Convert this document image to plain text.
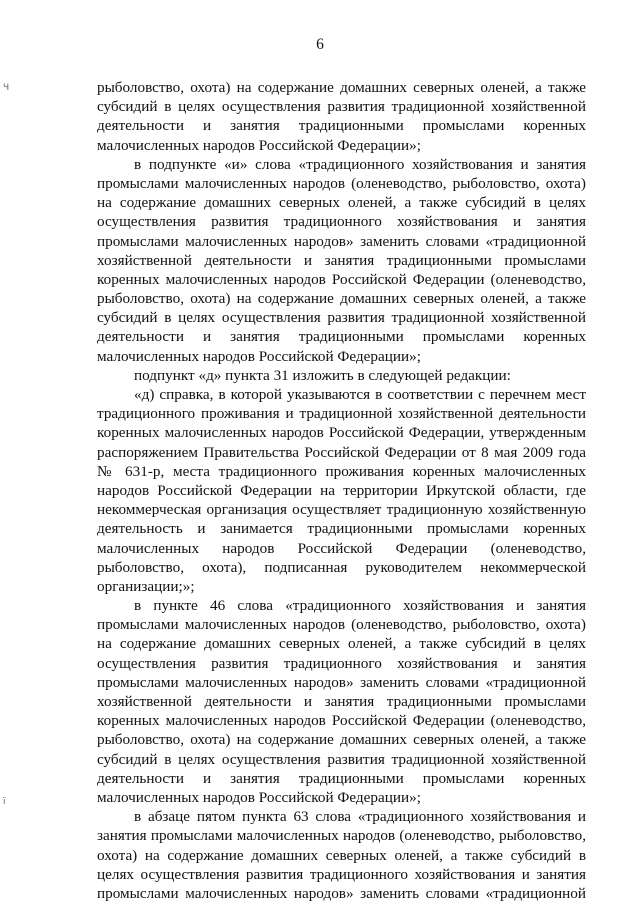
6
Ч
ї
рыболовство, охота) на содержание домашних северных оленей, а также
субсидий в целях осуществления развития традиционной хозяйственной
деятельности и занятия традиционными промыслами коренных
малочисленных народов Российской Федерации»;
в подпункте «и» слова «традиционного хозяйствования и занятия
промыслами малочисленных народов (оленеводство, рыболовство, охота)
на содержание домашних северных оленей, а также субсидий в целях
осуществления развития традиционного хозяйствования и занятия
промыслами малочисленных народов» заменить словами «традиционной
хозяйственной деятельности и занятия традиционными промыслами
коренных малочисленных народов Российской Федерации (оленеводство,
рыболовство, охота) на содержание домашних северных оленей, а также
субсидий в целях осуществления развития традиционной хозяйственной
деятельности и занятия традиционными промыслами коренных
малочисленных народов Российской Федерации»;
подпункт «д» пункта 31 изложить в следующей редакции:
«д) справка, в которой указываются в соответствии с перечнем мест
традиционного проживания и традиционной хозяйственной деятельности
коренных малочисленных народов Российской Федерации, утвержденным
распоряжением Правительства Российской Федерации от 8 мая 2009 года
№ 631-р, места традиционного проживания коренных малочисленных
народов Российской Федерации на территории Иркутской области, где
некоммерческая организация осуществляет традиционную хозяйственную
деятельность и занимается традиционными промыслами коренных
малочисленных народов Российской Федерации (оленеводство,
рыболовство, охота), подписанная руководителем некоммерческой
организации;»;
в пункте 46 слова «традиционного хозяйствования и занятия
промыслами малочисленных народов (оленеводство, рыболовство, охота)
на содержание домашних северных оленей, а также субсидий в целях
осуществления развития традиционного хозяйствования и занятия
промыслами малочисленных народов» заменить словами «традиционной
хозяйственной деятельности и занятия традиционными промыслами
коренных малочисленных народов Российской Федерации (оленеводство,
рыболовство, охота) на содержание домашних северных оленей, а также
субсидий в целях осуществления развития традиционной хозяйственной
деятельности и занятия традиционными промыслами коренных
малочисленных народов Российской Федерации»;
в абзаце пятом пункта 63 слова «традиционного хозяйствования и
занятия промыслами малочисленных народов (оленеводство, рыболовство,
охота) на содержание домашних северных оленей, а также субсидий в
целях осуществления развития традиционного хозяйствования и занятия
промыслами малочисленных народов» заменить словами «традиционной
